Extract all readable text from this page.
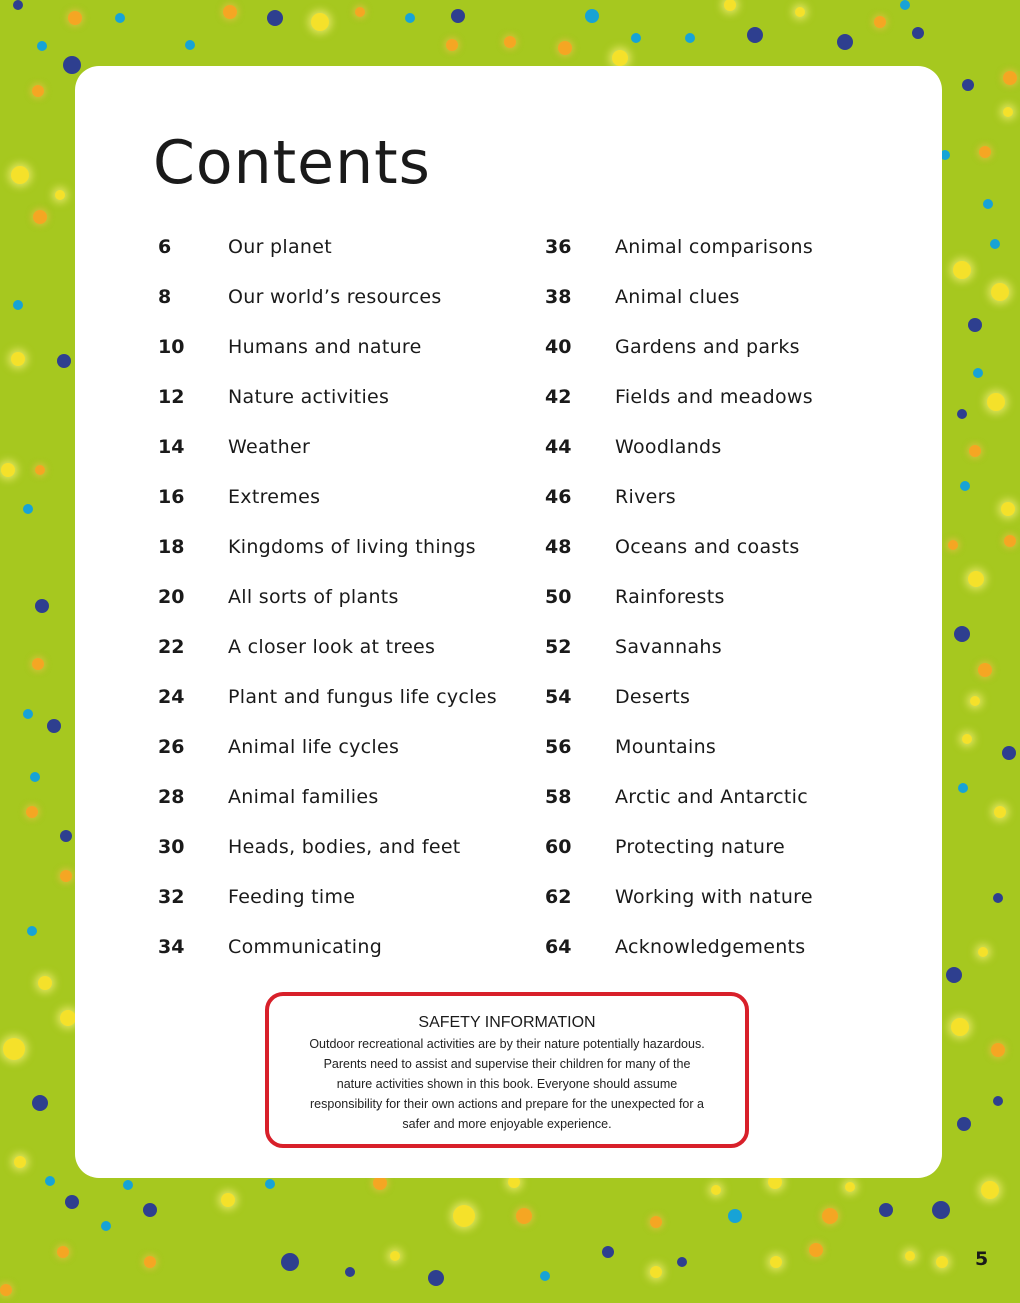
Contents
6	Our planet
8	Our world’s resources
10 Humans and nature
12 Nature activities
14 Weather
16 Extremes
18 Kingdoms of living things
20 All sorts of plants
22 A closer look at trees
24 Plant and fungus life cycles
26 Animal life cycles
28 Animal families
30 Heads, bodies, and feet
32 Feeding time
34 Communicating
36 Animal comparisons
38 Animal clues
40 Gardens and parks
42 Fields and meadows
44 Woodlands
46 Rivers
48 Oceans and coasts
50 Rainforests
52 Savannahs
54 Deserts
56 Mountains
58 Arctic and Antarctic
60 Protecting nature
62 Working with nature
64 Acknowledgements
SAFETY INFORMATION

Outdoor recreational activities are by their nature potentially hazardous. Parents need to assist and supervise their children for many of the nature activities shown in this book. Everyone should assume responsibility for their own actions and prepare for the unexpected for a safer and more enjoyable experience.

5
